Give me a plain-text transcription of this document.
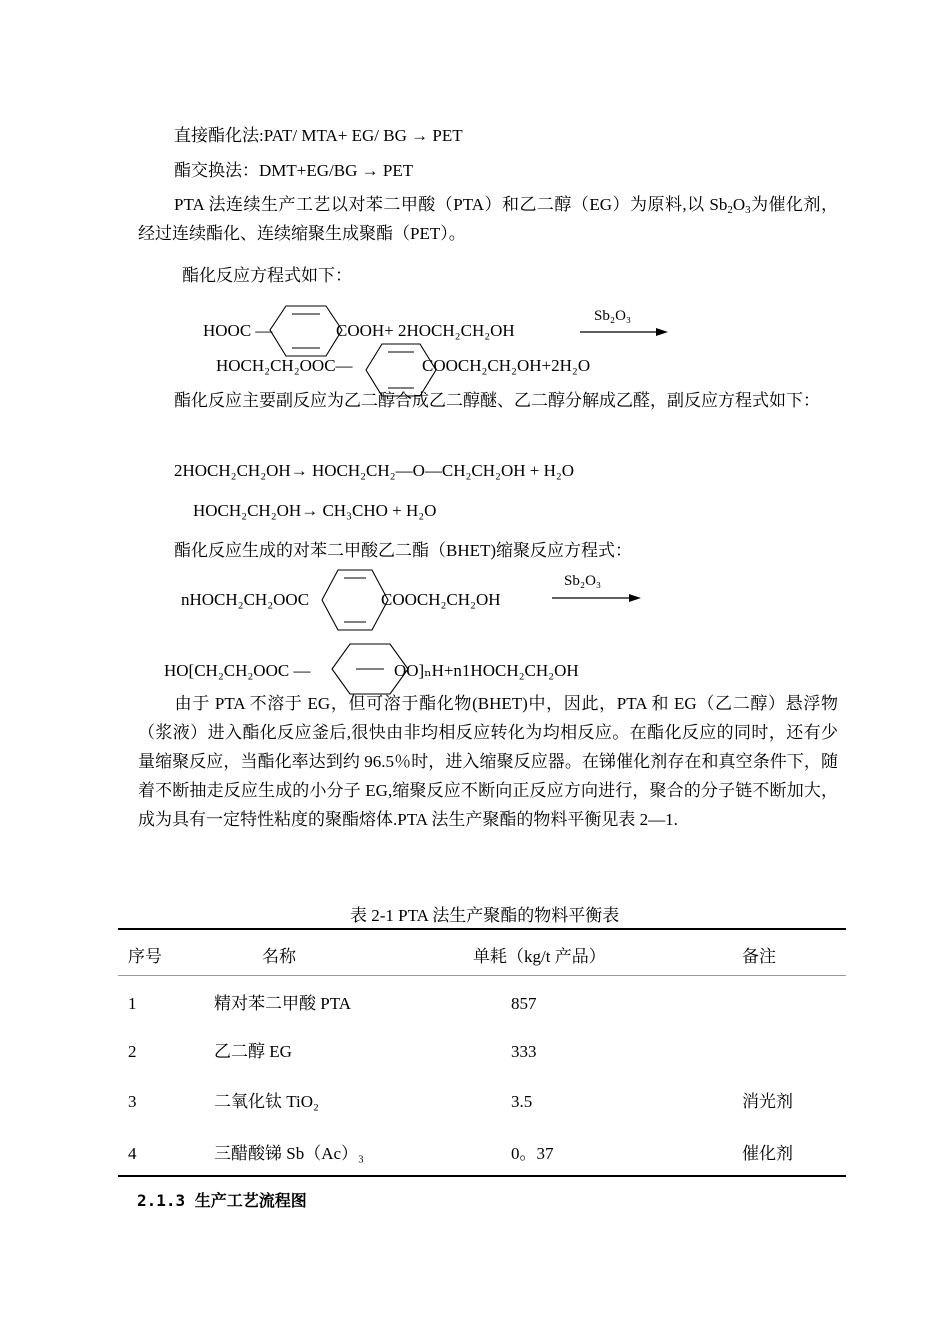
直接酯化法:PAT/ MTA+ EG/ BG → PET
酯交换法：DMT+EG/BG → PET
PTA 法连续生产工艺以对苯二甲酸（PTA）和乙二醇（EG）为原料,以 $Sb_2O_3$为催化剂，经过连续酯化、连续缩聚生成聚酯（PET）。
酯化反应方程式如下：
HOOC —	COOH+ 2HOCH₂CH₂OH
Sb₂O₃
HOCH₂CH₂OOC—	COOCH₂CH₂OH+2H₂O
酯化反应主要副反应为乙二醇合成乙二醇醚、乙二醇分解成乙醛，副反应方程式如下：
2HOCH₂CH₂OH→ HOCH₂CH₂—O—CH₂CH₂OH + H₂O
HOCH₂CH₂OH→ CH₃CHO + H₂O
酯化反应生成的对苯二甲酸乙二酯（BHET)缩聚反应方程式：
nHOCH₂CH₂OOC	COOCH₂CH₂OH
Sb₂O₃
HO[CH₂CH₂OOC —	OO]ₙH+n1HOCH₂CH₂OH
由于 PTA 不溶于 EG，但可溶于酯化物(BHET)中，因此，PTA 和 EG（乙二醇）悬浮物（浆液）进入酯化反应釜后,很快由非均相反应转化为均相反应。在酯化反应的同时，还有少量缩聚反应，当酯化率达到约 96.5％时，进入缩聚反应器。在锑催化剂存在和真空条件下，随着不断抽走反应生成的小分子 EG,缩聚反应不断向正反应方向进行，聚合的分子链不断加大，成为具有一定特性粘度的聚酯熔体.PTA 法生产聚酯的物料平衡见表 2—1.
表 2-1 PTA 法生产聚酯的物料平衡表
序号	名称	单耗（kg/t 产品）	备注
1	精对苯二甲酸 PTA	857
2	乙二醇 EG	333
3	二氧化钛 TiO₂	3.5	消光剂
4	三醋酸锑 Sb（Ac）₃	0。37	催化剂
2.1.3 生产工艺流程图
